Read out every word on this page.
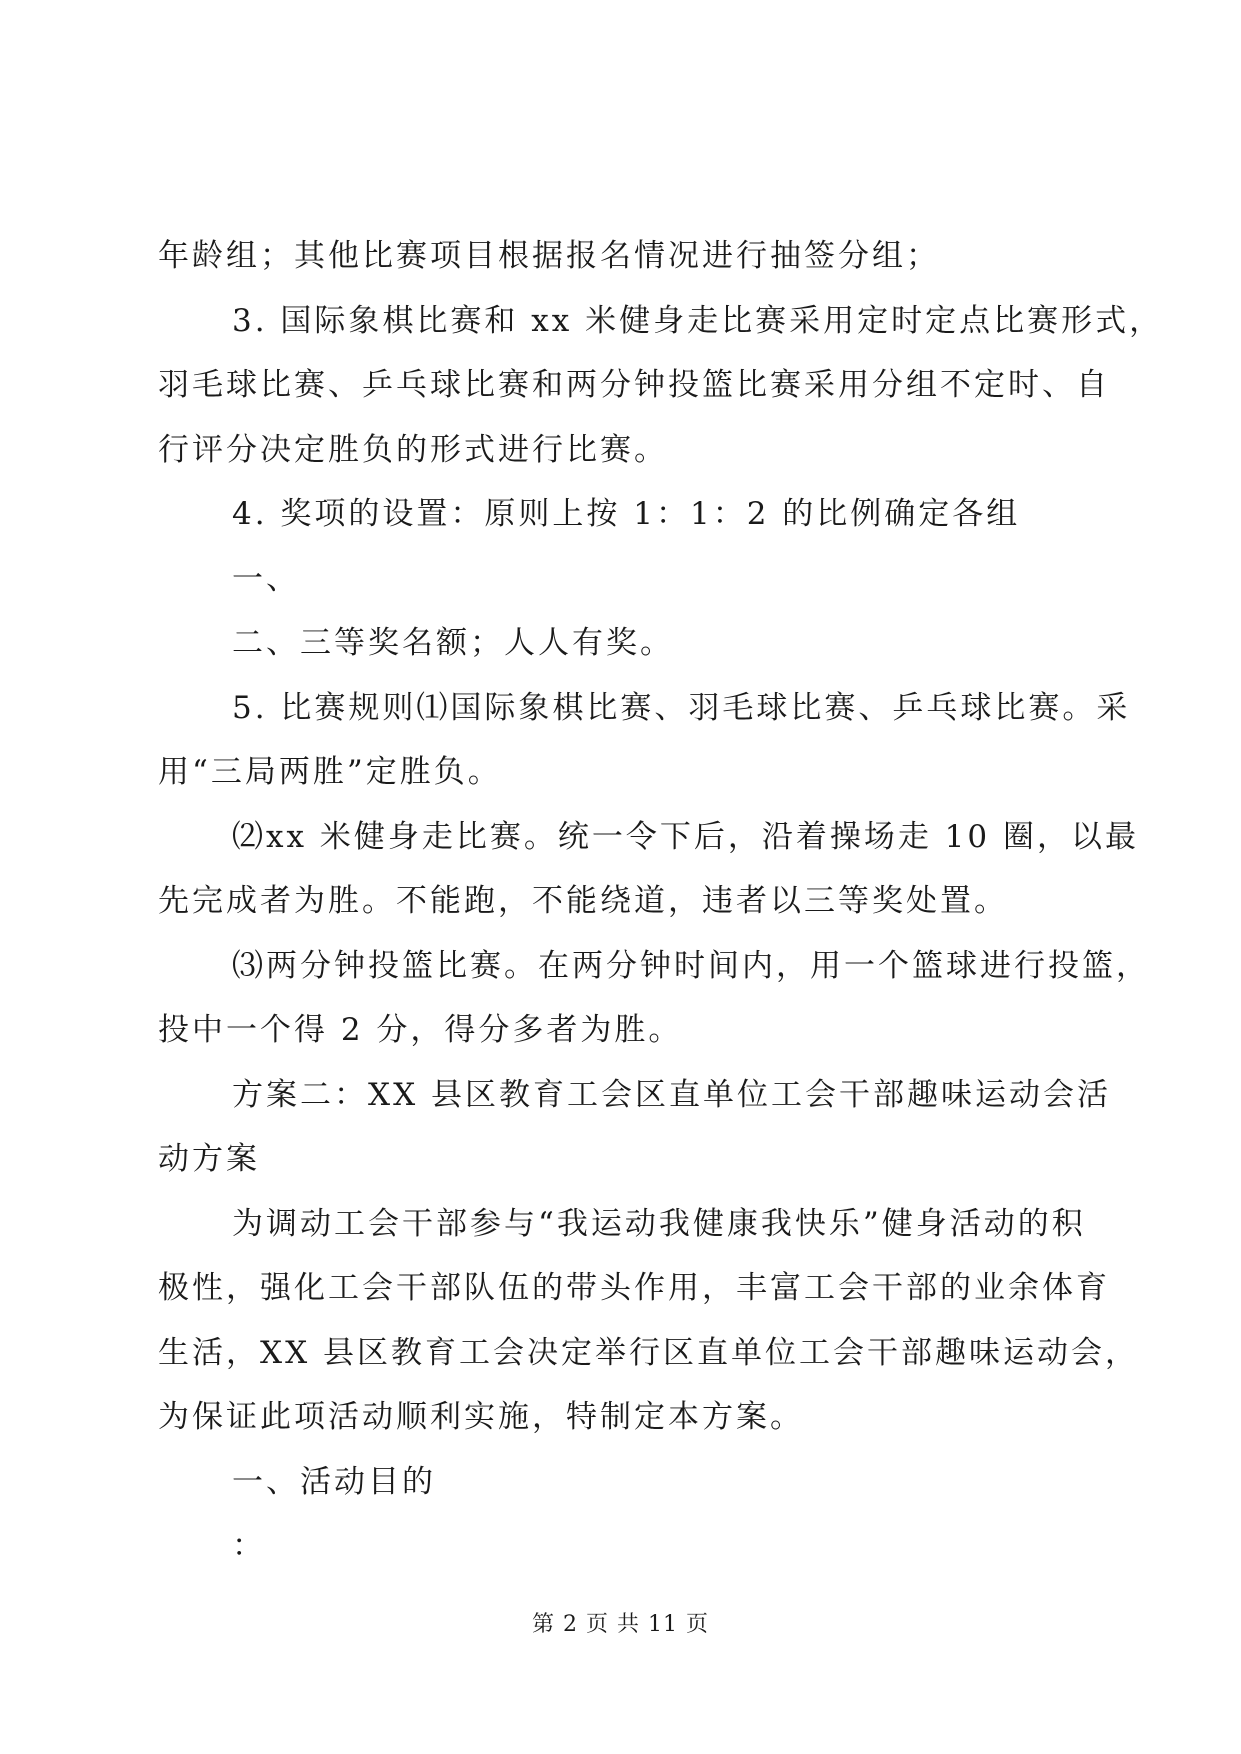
年龄组；其他比赛项目根据报名情况进行抽签分组；
3. 国际象棋比赛和 xx 米健身走比赛采用定时定点比赛形式，
羽毛球比赛、乒乓球比赛和两分钟投篮比赛采用分组不定时、自
行评分决定胜负的形式进行比赛。
4. 奖项的设置：原则上按 1：1：2 的比例确定各组
一、
二、三等奖名额；人人有奖。
5. 比赛规则⑴国际象棋比赛、羽毛球比赛、乒乓球比赛。采
用“三局两胜”定胜负。
⑵xx 米健身走比赛。统一令下后，沿着操场走 10 圈，以最
先完成者为胜。不能跑，不能绕道，违者以三等奖处置。
⑶两分钟投篮比赛。在两分钟时间内，用一个篮球进行投篮，
投中一个得 2 分，得分多者为胜。
方案二：XX 县区教育工会区直单位工会干部趣味运动会活
动方案
为调动工会干部参与“我运动我健康我快乐”健身活动的积
极性，强化工会干部队伍的带头作用，丰富工会干部的业余体育
生活，XX 县区教育工会决定举行区直单位工会干部趣味运动会，
为保证此项活动顺利实施，特制定本方案。
一、活动目的
：
第 2 页 共 11 页
